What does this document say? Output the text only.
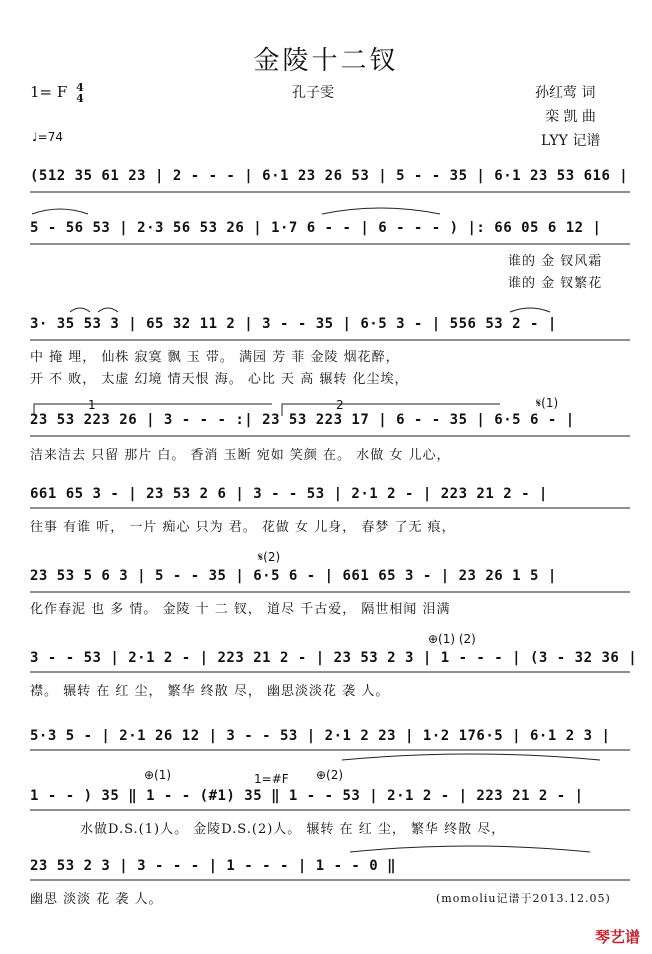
金陵十二钗
1= F 4
4	孔子雯	孙红莺 词
栾 凯 曲
LYY 记谱
♩=74
(512 35 61 23 | 2 - - - | 6·1 23 26 53 | 5 - - 35 | 6·1 23 53 616 |
5 - 56 53 | 2·3 56 53 26 | 1·7 6 - - | 6 - - - ) |: 66 05 6 12 |
谁的 金 钗风霜
谁的 金 钗繁花
3· 35 53 3 | 65 32 11 2 | 3 - - 35 | 6·5 3 - | 556 53 2 - |
中 掩 埋， 仙株 寂寞 飘 玉 带。 满园 芳 菲 金陵 烟花醉，
开 不 败， 太虚 幻境 情天恨 海。 心比 天 高 辗转 化尘埃，
1	2	𝄋(1)
23 53 223 26 | 3 - - - :| 23 53 223 17 | 6 - - 35 | 6·5 6 - |
洁来洁去 只留 那片 白。 香消 玉断 宛如 笑颜 在。 水做 女 儿心，
661 65 3 - | 23 53 2 6 | 3 - - 53 | 2·1 2 - | 223 21 2 - |
往事 有谁 听， 一片 痴心 只为 君。 花做 女 儿身， 春梦 了无 痕，
𝄋(2)
23 53 5 6 3 | 5 - - 35 | 6·5 6 - | 661 65 3 - | 23 26 1 5 |
化作春泥 也 多 情。 金陵 十 二 钗， 道尽 千古爱， 隔世相闻 泪满
⊕(1) (2)
3 - - 53 | 2·1 2 - | 223 21 2 - | 23 53 2 3 | 1 - - - | (3 - 32 36 |
襟。 辗转 在 红 尘， 繁华 终散 尽， 幽思淡淡花 袭 人。
5·3 5 - | 2·1 26 12 | 3 - - 53 | 2·1 2 23 | 1·2 176·5 | 6·1 2 3 |
⊕(1)	1=#F ⊕(2)
1 - - ) 35 ‖ 1 - - (#1) 35 ‖ 1 - - 53 | 2·1 2 - | 223 21 2 - |
水做D.S.(1)人。 金陵D.S.(2)人。 辗转 在 红 尘， 繁华 终散 尽，
23 53 2 3 | 3 - - - | 1 - - - | 1 - - 0 ‖
幽思 淡淡 花 袭 人。	(momoliu记谱于2013.12.05)
琴艺谱
